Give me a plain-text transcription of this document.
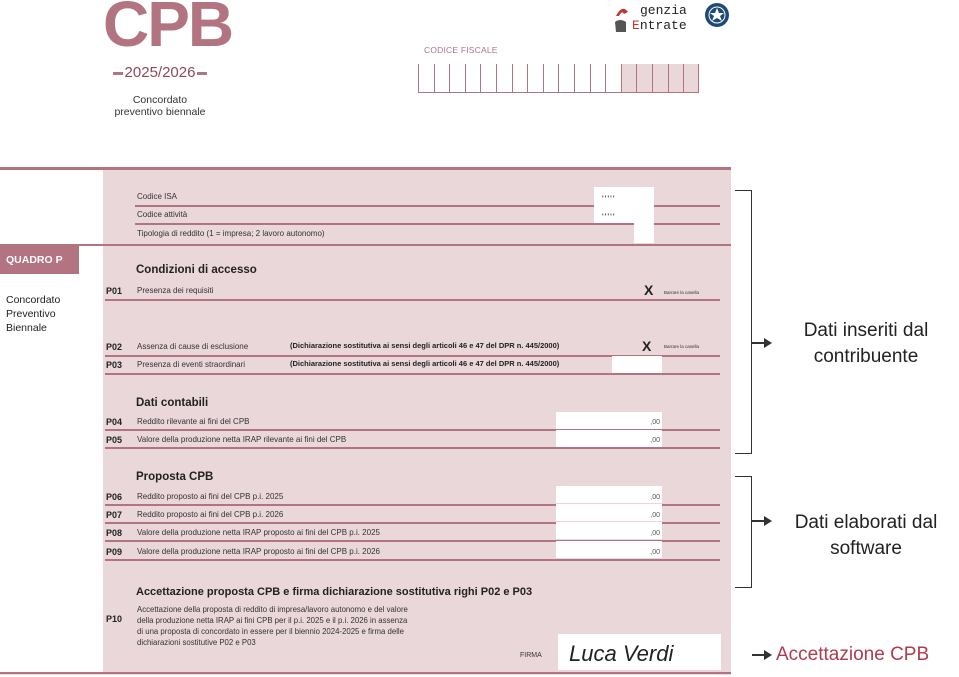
CPB
2025/2026
Concordato
preventivo biennale
CODICE FISCALE
genzia
Entrate
QUADRO P
Concordato
Preventivo
Biennale
Codice ISA	'''''
Codice attività	'''''
Tipologia di reddito (1 = impresa; 2 lavoro autonomo)
Condizioni di accesso
P01 Presenza dei requisiti	X Barrare la casella
P02 Assenza di cause di esclusione	(Dichiarazione sostitutiva ai sensi degli articoli 46 e 47 del DPR n. 445/2000)	X	Barrare la casella
P03 Presenza di eventi straordinari	(Dichiarazione sostitutiva ai sensi degli articoli 46 e 47 del DPR n. 445/2000)
Dati contabili
P04 Reddito rilevante ai fini del CPB	,00
P05 Valore della produzione netta IRAP rilevante ai fini del CPB	,00
Proposta CPB
P06 Reddito proposto ai fini del CPB p.i. 2025	,00
P07 Reddito proposto ai fini del CPB p.i. 2026	,00
P08 Valore della produzione netta IRAP proposto ai fini del CPB p.i. 2025	,00
P09 Valore della produzione netta IRAP proposto ai fini del CPB p.i. 2026	,00
Accettazione proposta CPB e firma dichiarazione sostitutiva righi P02 e P03
P10
Accettazione della proposta di reddito di impresa/lavoro autonomo e del valore
della produzione netta IRAP ai fini CPB per il p.i. 2025 e il p.i. 2026 in assenza
di una proposta di concordato in essere per il biennio 2024-2025 e firma delle
dichiarazioni sostitutive P02 e P03
FIRMA Luca Verdi
Dati inseriti dal
contribuente
Dati elaborati dal
software
Accettazione CPB
